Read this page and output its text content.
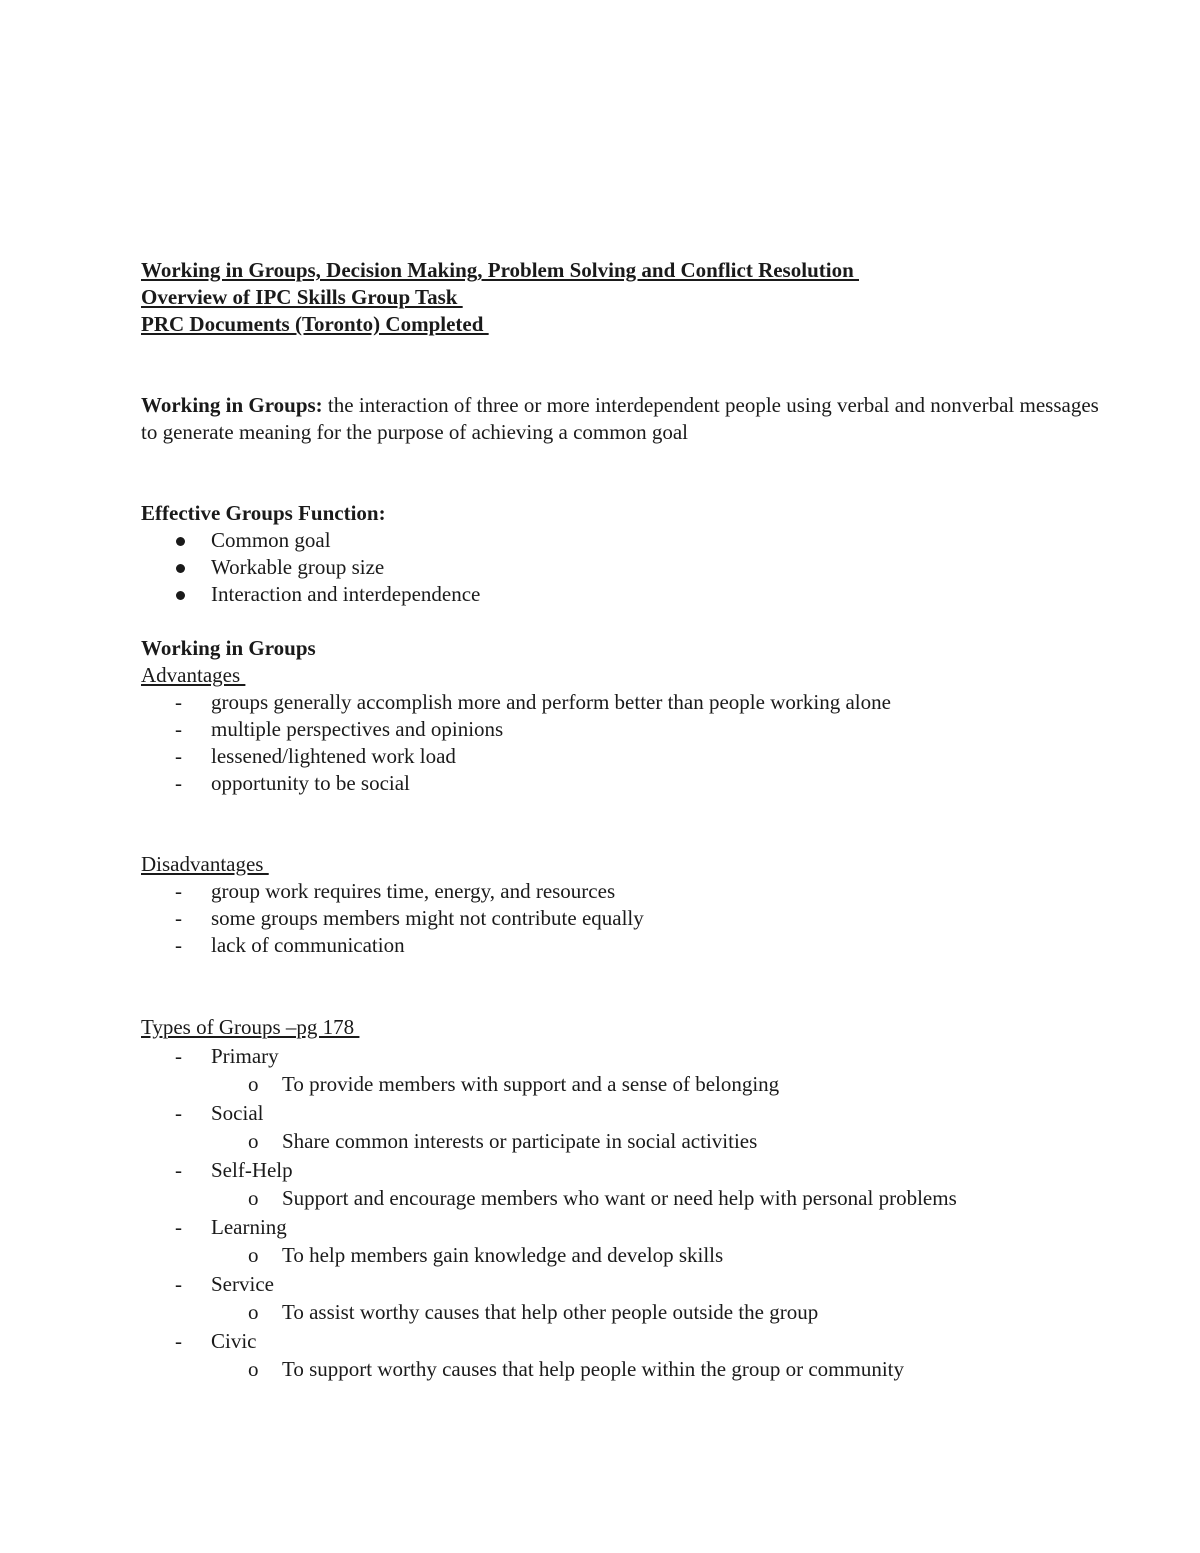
Working in Groups, Decision Making, Problem Solving and Conflict Resolution
Overview of IPC Skills Group Task
PRC Documents (Toronto) Completed

Working in Groups: the interaction of three or more interdependent people using verbal and nonverbal messages to generate meaning for the purpose of achieving a common goal

Effective Groups Function:
Common goal
Workable group size
Interaction and interdependence
Working in Groups
Advantages
-	groups generally accomplish more and perform better than people working alone
-	multiple perspectives and opinions
-	lessened/lightened work load
-	opportunity to be social
Disadvantages
-	group work requires time, energy, and resources
-	some groups members might not contribute equally
-	lack of communication
Types of Groups –pg 178
-	Primary
o To provide members with support and a sense of belonging
-	Social
o Share common interests or participate in social activities
-	Self-Help
o Support and encourage members who want or need help with personal problems
-	Learning
o To help members gain knowledge and develop skills
-	Service
o To assist worthy causes that help other people outside the group
-	Civic
o To support worthy causes that help people within the group or community
